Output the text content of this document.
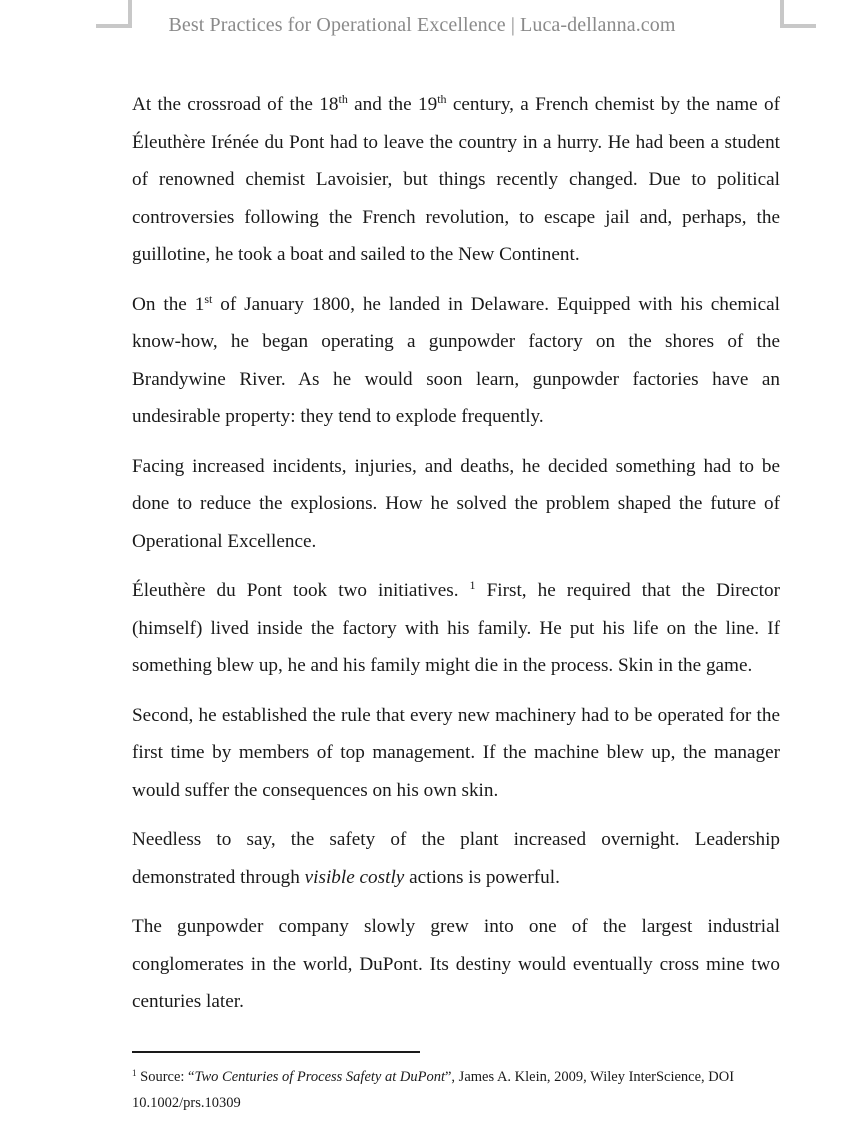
Best Practices for Operational Excellence | Luca-dellanna.com

At the crossroad of the 18th and the 19th century, a French chemist by the name of Éleuthère Irénée du Pont had to leave the country in a hurry. He had been a student of renowned chemist Lavoisier, but things recently changed. Due to political controversies following the French revolution, to escape jail and, perhaps, the guillotine, he took a boat and sailed to the New Continent.

On the 1st of January 1800, he landed in Delaware. Equipped with his chemical know-how, he began operating a gunpowder factory on the shores of the Brandywine River. As he would soon learn, gunpowder factories have an undesirable property: they tend to explode frequently.

Facing increased incidents, injuries, and deaths, he decided something had to be done to reduce the explosions. How he solved the problem shaped the future of Operational Excellence.

Éleuthère du Pont took two initiatives. $^1$ First, he required that the Director (himself) lived inside the factory with his family. He put his life on the line. If something blew up, he and his family might die in the process. Skin in the game.

Second, he established the rule that every new machinery had to be operated for the first time by members of top management. If the machine blew up, the manager would suffer the consequences on his own skin.

Needless to say, the safety of the plant increased overnight. Leadership demonstrated through visible costly actions is powerful.

The gunpowder company slowly grew into one of the largest industrial conglomerates in the world, DuPont. Its destiny would eventually cross mine two centuries later.

$^1$ Source: “Two Centuries of Process Safety at DuPont”, James A. Klein, 2009, Wiley InterScience, DOI 10.1002/prs.10309
